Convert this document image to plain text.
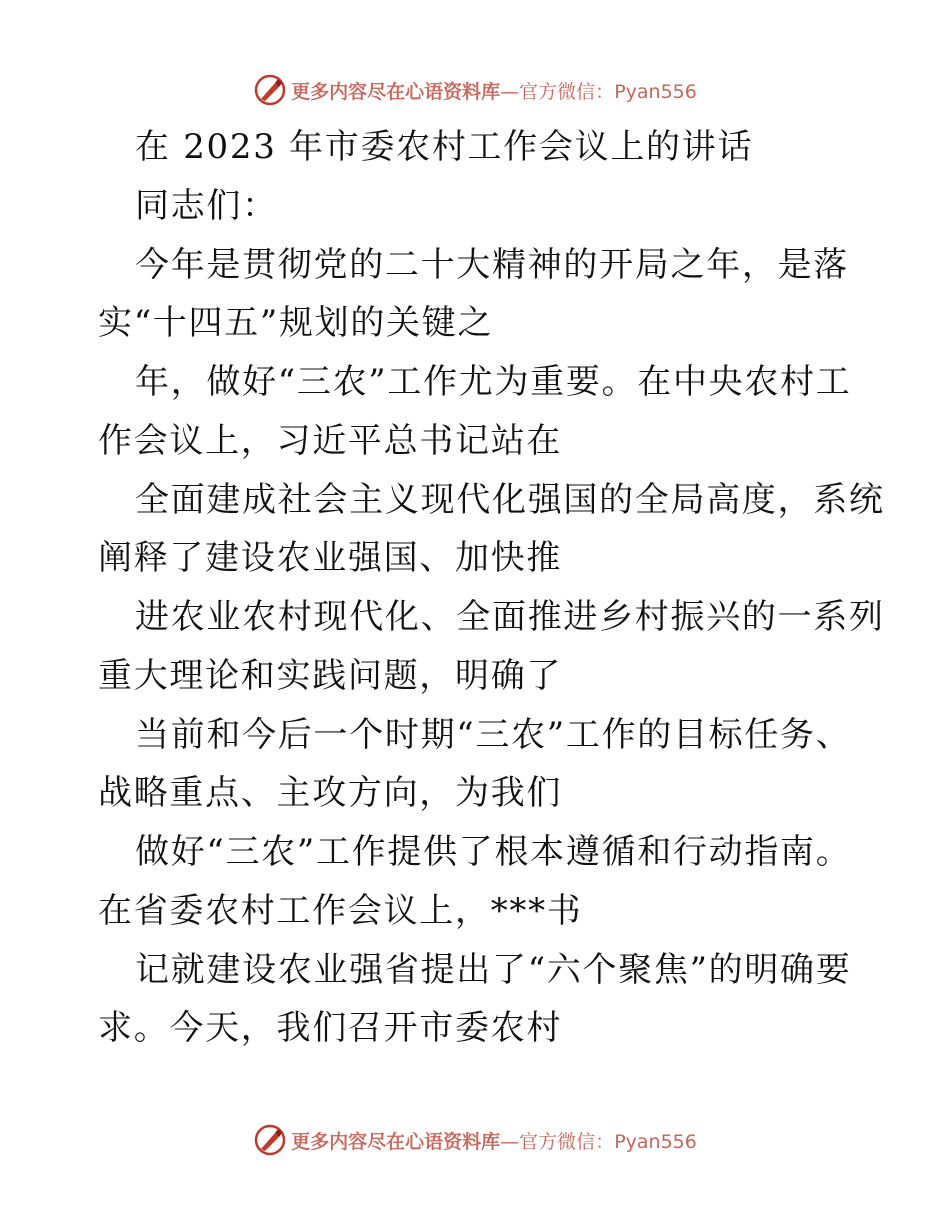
更多内容尽在心语资料库—官方微信：Pyan556
在 2023 年市委农村工作会议上的讲话
同志们：
今年是贯彻党的二十大精神的开局之年，是落
实“十四五”规划的关键之
年，做好“三农”工作尤为重要。在中央农村工
作会议上，习近平总书记站在
全面建成社会主义现代化强国的全局高度，系统
阐释了建设农业强国、加快推
进农业农村现代化、全面推进乡村振兴的一系列
重大理论和实践问题，明确了
当前和今后一个时期“三农”工作的目标任务、
战略重点、主攻方向，为我们
做好“三农”工作提供了根本遵循和行动指南。
在省委农村工作会议上，***书
记就建设农业强省提出了“六个聚焦”的明确要
求。今天，我们召开市委农村
更多内容尽在心语资料库—官方微信：Pyan556
